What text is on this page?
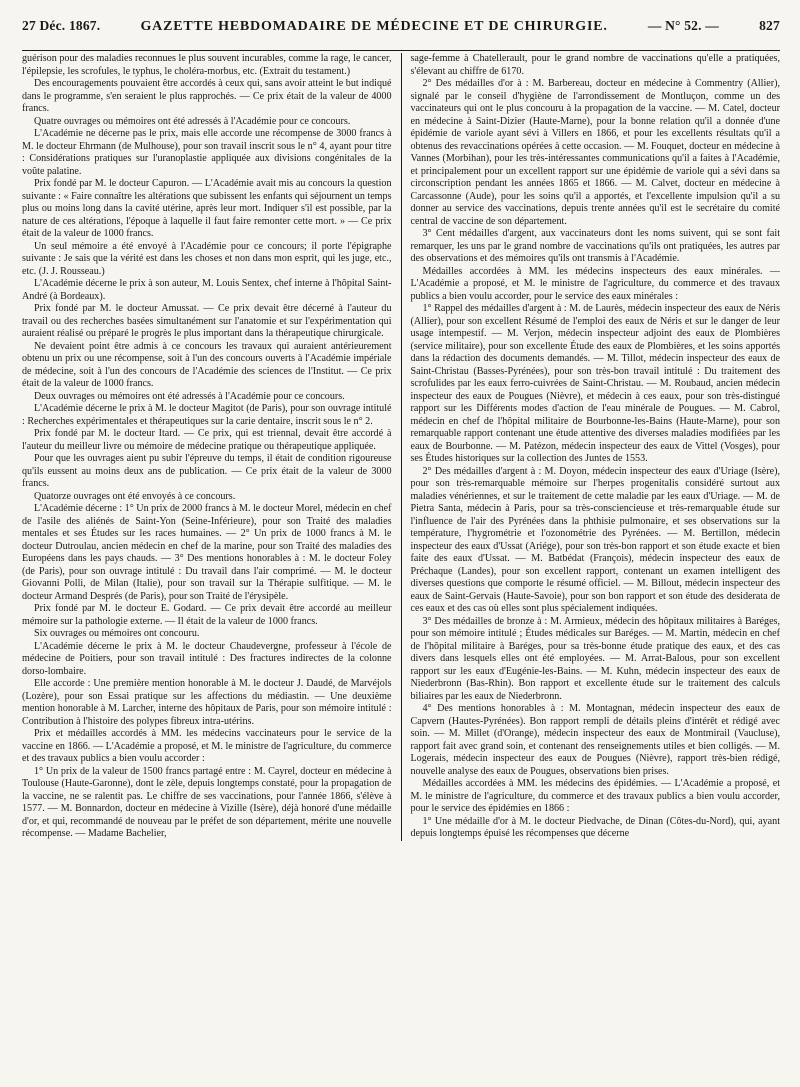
27 Déc. 1867.	GAZETTE HEBDOMADAIRE DE MÉDECINE ET DE CHIRURGIE.	— N° 52. —	827

guérison pour des maladies reconnues le plus souvent incurables, comme la rage, le cancer, l'épilepsie, les scrofules, le typhus, le choléra-morbus, etc. (Extrait du testament.)

Des encouragements pouvaient être accordés à ceux qui, sans avoir atteint le but indiqué dans le programme, s'en seraient le plus rapprochés. — Ce prix était de la valeur de 4000 francs.

Quatre ouvrages ou mémoires ont été adressés à l'Académie pour ce concours.

L'Académie ne décerne pas le prix, mais elle accorde une récompense de 3000 francs à M. le docteur Ehrmann (de Mulhouse), pour son travail inscrit sous le n° 4, ayant pour titre : Considérations pratiques sur l'uranoplastie appliquée aux divisions congénitales de la voûte palatine.

Prix fondé par M. le docteur Capuron. — L'Académie avait mis au concours la question suivante : « Faire connaître les altérations que subissent les enfants qui séjournent un temps plus ou moins long dans la cavité utérine, après leur mort. Indiquer s'il est possible, par la nature de ces altérations, l'époque à laquelle il faut faire remonter cette mort. » — Ce prix était de la valeur de 1000 francs.

Un seul mémoire a été envoyé à l'Académie pour ce concours; il porte l'épigraphe suivante : Je sais que la vérité est dans les choses et non dans mon esprit, qui les juge, etc., etc. (J. J. Rousseau.)

L'Académie décerne le prix à son auteur, M. Louis Sentex, chef interne à l'hôpital Saint-André (à Bordeaux).

Prix fondé par M. le docteur Amussat. — Ce prix devait être décerné à l'auteur du travail ou des recherches basées simultanément sur l'anatomie et sur l'expérimentation qui auraient réalisé ou préparé le progrès le plus important dans la thérapeutique chirurgicale.

Ne devaient point être admis à ce concours les travaux qui auraient antérieurement obtenu un prix ou une récompense, soit à l'un des concours ouverts à l'Académie impériale de médecine, soit à l'un des concours de l'Académie des sciences de l'Institut. — Ce prix était de la valeur de 1000 francs.

Deux ouvrages ou mémoires ont été adressés à l'Académie pour ce concours.

L'Académie décerne le prix à M. le docteur Magitot (de Paris), pour son ouvrage intitulé : Recherches expérimentales et thérapeutiques sur la carie dentaire, inscrit sous le n° 2.

Prix fondé par M. le docteur Itard. — Ce prix, qui est triennal, devait être accordé à l'auteur du meilleur livre ou mémoire de médecine pratique ou thérapeutique appliquée.

Pour que les ouvrages aient pu subir l'épreuve du temps, il était de condition rigoureuse qu'ils eussent au moins deux ans de publication. — Ce prix était de la valeur de 3000 francs.

Quatorze ouvrages ont été envoyés à ce concours.

L'Académie décerne : 1° Un prix de 2000 francs à M. le docteur Morel, médecin en chef de l'asile des aliénés de Saint-Yon (Seine-Inférieure), pour son Traité des maladies mentales et ses Études sur les races humaines. — 2° Un prix de 1000 francs à M. le docteur Dutroulau, ancien médecin en chef de la marine, pour son Traité des maladies des Européens dans les pays chauds. — 3° Des mentions honorables à : M. le docteur Foley (de Paris), pour son ouvrage intitulé : Du travail dans l'air comprimé. — M. le docteur Giovanni Polli, de Milan (Italie), pour son travail sur la Thérapie sulfitique. — M. le docteur Armand Després (de Paris), pour son Traité de l'érysipèle.

Prix fondé par M. le docteur E. Godard. — Ce prix devait être accordé au meilleur mémoire sur la pathologie externe. — Il était de la valeur de 1000 francs.

Six ouvrages ou mémoires ont concouru.

L'Académie décerne le prix à M. le docteur Chaudevergne, professeur à l'école de médecine de Poitiers, pour son travail intitulé : Des fractures indirectes de la colonne dorso-lombaire.

Elle accorde : Une première mention honorable à M. le docteur J. Daudé, de Marvéjols (Lozère), pour son Essai pratique sur les affections du médiastin. — Une deuxième mention honorable à M. Larcher, interne des hôpitaux de Paris, pour son mémoire intitulé : Contribution à l'histoire des polypes fibreux intra-utérins.

Prix et médailles accordés à MM. les médecins vaccinateurs pour le service de la vaccine en 1866. — L'Académie a proposé, et M. le ministre de l'agriculture, du commerce et des travaux publics a bien voulu accorder :

1° Un prix de la valeur de 1500 francs partagé entre : M. Cayrel, docteur en médecine à Toulouse (Haute-Garonne), dont le zèle, depuis longtemps constaté, pour la propagation de la vaccine, ne se ralentit pas. Le chiffre de ses vaccinations, pour l'année 1866, s'élève à 1577. — M. Bonnardon, docteur en médecine à Vizille (Isère), déjà honoré d'une médaille d'or, et qui, recommandé de nouveau par le préfet de son département, mérite une nouvelle récompense. — Madame Bachelier,

sage-femme à Chatellerault, pour le grand nombre de vaccinations qu'elle a pratiquées, s'élevant au chiffre de 6170.

2° Des médailles d'or à : M. Barbereau, docteur en médecine à Commentry (Allier), signalé par le conseil d'hygiène de l'arrondissement de Montluçon, comme un des vaccinateurs qui ont le plus concouru à la propagation de la vaccine. — M. Catel, docteur en médecine à Saint-Dizier (Haute-Marne), pour la bonne relation qu'il a donnée d'une épidémie de variole ayant sévi à Villers en 1866, et pour les excellents résultats qu'il a obtenus des revaccinations opérées à cette occasion. — M. Fouquet, docteur en médecine à Vannes (Morbihan), pour les très-intéressantes communications qu'il a faites à l'Académie, et principalement pour un excellent rapport sur une épidémie de variole qui a sévi dans sa circonscription pendant les années 1865 et 1866. — M. Calvet, docteur en médecine à Carcassonne (Aude), pour les soins qu'il a apportés, et l'excellente impulsion qu'il a su donner au service des vaccinations, depuis trente années qu'il est le secrétaire du comité central de vaccine de son département.

3° Cent médailles d'argent, aux vaccinateurs dont les noms suivent, qui se sont fait remarquer, les uns par le grand nombre de vaccinations qu'ils ont pratiquées, les autres par des observations et des mémoires qu'ils ont transmis à l'Académie.

Médailles accordées à MM. les médecins inspecteurs des eaux minérales. — L'Académie a proposé, et M. le ministre de l'agriculture, du commerce et des travaux publics a bien voulu accorder, pour le service des eaux minérales :

1° Rappel des médailles d'argent à : M. de Laurès, médecin inspecteur des eaux de Néris (Allier), pour son excellent Résumé de l'emploi des eaux de Néris et sur le danger de leur usage intempestif. — M. Verjon, médecin inspecteur adjoint des eaux de Plombières (service militaire), pour son excellente Étude des eaux de Plombières, et les soins apportés dans la rédaction des documents demandés. — M. Tillot, médecin inspecteur des eaux de Saint-Christau (Basses-Pyrénées), pour son très-bon travail intitulé : Du traitement des scrofulides par les eaux ferro-cuivrées de Saint-Christau. — M. Roubaud, ancien médecin inspecteur des eaux de Pougues (Nièvre), et médecin à ces eaux, pour son très-distingué rapport sur les Différents modes d'action de l'eau minérale de Pougues. — M. Cabrol, médecin en chef de l'hôpital militaire de Bourbonne-les-Bains (Haute-Marne), pour son remarquable rapport contenant une étude attentive des diverses maladies modifiées par les eaux de Bourbonne. — M. Patézon, médecin inspecteur des eaux de Vittel (Vosges), pour ses Études historiques sur la collection des Juntes de 1553.

2° Des médailles d'argent à : M. Doyon, médecin inspecteur des eaux d'Uriage (Isère), pour son très-remarquable mémoire sur l'herpes progenitalis considéré surtout aux maladies vénériennes, et sur le traitement de cette maladie par les eaux d'Uriage. — M. de Pietra Santa, médecin à Paris, pour sa très-consciencieuse et très-remarquable étude sur l'influence de l'air des Pyrénées dans la phthisie pulmonaire, et ses observations sur la température, l'hygrométrie et l'ozonométrie des Pyrénées. — M. Bertillon, médecin inspecteur des eaux d'Ussat (Ariége), pour son très-bon rapport et son étude exacte et bien faite des eaux d'Ussat. — M. Batbédat (François), médecin inspecteur des eaux de Préchaque (Landes), pour son excellent rapport, contenant un examen intelligent des diverses questions que comporte le résumé officiel. — M. Billout, médecin inspecteur des eaux de Saint-Gervais (Haute-Savoie), pour son bon rapport et son étude des desiderata de ces eaux et des cas où elles sont plus spécialement indiquées.

3° Des médailles de bronze à : M. Armieux, médecin des hôpitaux militaires à Baréges, pour son mémoire intitulé ; Études médicales sur Baréges. — M. Martin, médecin en chef de l'hôpital militaire à Baréges, pour sa très-bonne étude pratique des eaux, et des cas divers dans lesquels elles ont été employées. — M. Arrat-Balous, pour son excellent rapport sur les eaux d'Eugénie-les-Bains. — M. Kuhn, médecin inspecteur des eaux de Niederbronn (Bas-Rhin). Bon rapport et excellente étude sur le traitement des calculs biliaires par les eaux de Niederbronn.

4° Des mentions honorables à : M. Montagnan, médecin inspecteur des eaux de Capvern (Hautes-Pyrénées). Bon rapport rempli de détails pleins d'intérêt et rédigé avec soin. — M. Millet (d'Orange), médecin inspecteur des eaux de Montmirail (Vaucluse), rapport fait avec grand soin, et contenant des renseignements utiles et bien colligés. — M. Logerais, médecin inspecteur des eaux de Pougues (Nièvre), rapport très-bien rédigé, nouvelle analyse des eaux de Pougues, observations bien prises.

Médailles accordées à MM. les médecins des épidémies. — L'Académie a proposé, et M. le ministre de l'agriculture, du commerce et des travaux publics a bien voulu accorder, pour le service des épidémies en 1866 :

1° Une médaille d'or à M. le docteur Piedvache, de Dinan (Côtes-du-Nord), qui, ayant depuis longtemps épuisé les récompenses que décerne
